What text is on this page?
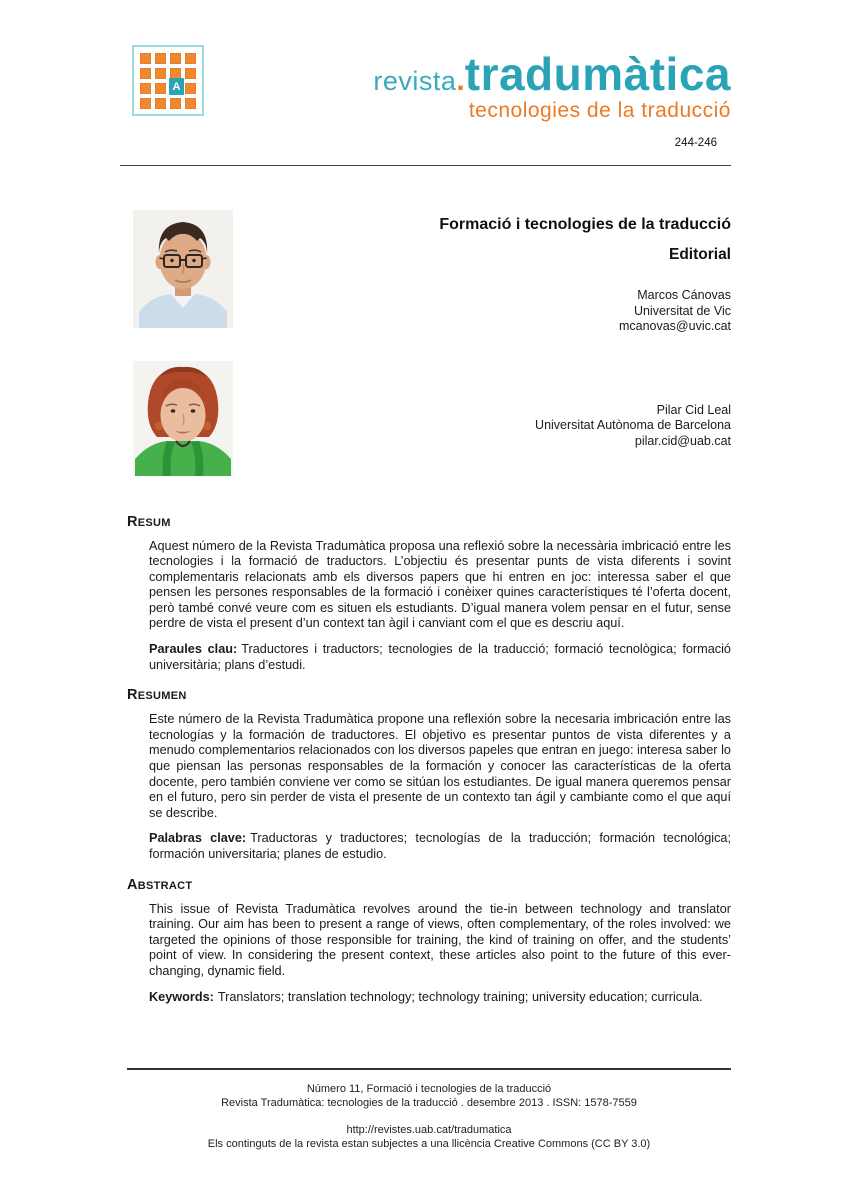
A	revista . tradumàtica
tecnologies de la traducció
244-246
Formació i tecnologies de la traducció
Editorial
Marcos Cánovas
Universitat de Vic
mcanovas@uvic.cat
Pilar Cid Leal
Universitat Autònoma de Barcelona
pilar.cid@uab.cat
RESUM

Aquest número de la Revista Tradumàtica proposa una reflexió sobre la necessària imbricació entre les tecnologies i la formació de traductors. L’objectiu és presentar punts de vista diferents i sovint complementaris relacionats amb els diversos papers que hi entren en joc: interessa saber el que pensen les persones responsables de la formació i conèixer quines característiques té l’oferta docent, però també convé veure com es situen els estudiants. D’igual manera volem pensar en el futur, sense perdre de vista el present d’un context tan àgil i canviant com el que es descriu aquí.

Paraules clau: Traductores i traductors; tecnologies de la traducció; formació tecnològica; formació universitària; plans d’estudi.

RESUMEN

Este número de la Revista Tradumàtica propone una reflexión sobre la necesaria imbricación entre las tecnologías y la formación de traductores. El objetivo es presentar puntos de vista diferentes y a menudo complementarios relacionados con los diversos papeles que entran en juego: interesa saber lo que piensan las personas responsables de la formación y conocer las características de la oferta docente, pero también conviene ver como se sitúan los estudiantes. De igual manera queremos pensar en el futuro, pero sin perder de vista el presente de un contexto tan ágil y cambiante como el que aquí se describe.

Palabras clave: Traductoras y traductores; tecnologías de la traducción; formación tecnológica; formación universitaria; planes de estudio.

ABSTRACT

This issue of Revista Tradumàtica revolves around the tie-in between technology and translator training. Our aim has been to present a range of views, often complementary, of the roles involved: we targeted the opinions of those responsible for training, the kind of training on offer, and the students’ point of view. In considering the present context, these articles also point to the future of this ever-changing, dynamic field.

Keywords: Translators; translation technology; technology training; university education; curricula.

Número 11, Formació i tecnologies de la traducció
Revista Tradumàtica: tecnologies de la traducció . desembre 2013 . ISSN: 1578-7559
http://revistes.uab.cat/tradumatica
Els continguts de la revista estan subjectes a una llicència Creative Commons (CC BY 3.0)
